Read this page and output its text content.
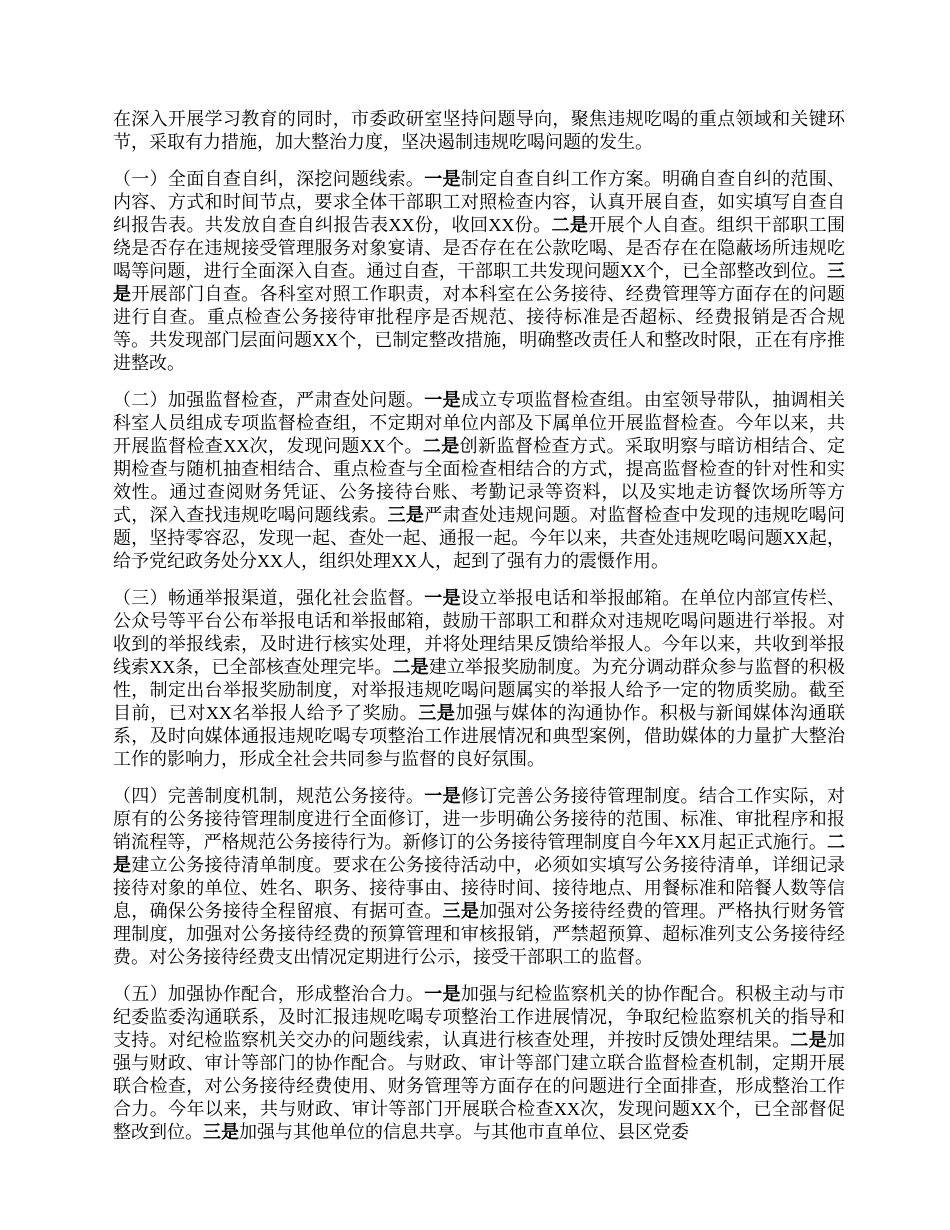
在深入开展学习教育的同时，市委政研室坚持问题导向，聚焦违规吃喝的重点领域和关键环节，采取有力措施，加大整治力度，坚决遏制违规吃喝问题的发生。

（一）全面自查自纠，深挖问题线索。一是制定自查自纠工作方案。明确自查自纠的范围、内容、方式和时间节点，要求全体干部职工对照检查内容，认真开展自查，如实填写自查自纠报告表。共发放自查自纠报告表XX份，收回XX份。二是开展个人自查。组织干部职工围绕是否存在违规接受管理服务对象宴请、是否存在在公款吃喝、是否存在在隐蔽场所违规吃喝等问题，进行全面深入自查。通过自查，干部职工共发现问题XX个，已全部整改到位。三是开展部门自查。各科室对照工作职责，对本科室在公务接待、经费管理等方面存在的问题进行自查。重点检查公务接待审批程序是否规范、接待标准是否超标、经费报销是否合规等。共发现部门层面问题XX个，已制定整改措施，明确整改责任人和整改时限，正在有序推进整改。

（二）加强监督检查，严肃查处问题。一是成立专项监督检查组。由室领导带队，抽调相关科室人员组成专项监督检查组，不定期对单位内部及下属单位开展监督检查。今年以来，共开展监督检查XX次，发现问题XX个。二是创新监督检查方式。采取明察与暗访相结合、定期检查与随机抽查相结合、重点检查与全面检查相结合的方式，提高监督检查的针对性和实效性。通过查阅财务凭证、公务接待台账、考勤记录等资料，以及实地走访餐饮场所等方式，深入查找违规吃喝问题线索。三是严肃查处违规问题。对监督检查中发现的违规吃喝问题，坚持零容忍，发现一起、查处一起、通报一起。今年以来，共查处违规吃喝问题XX起，给予党纪政务处分XX人，组织处理XX人，起到了强有力的震慑作用。

（三）畅通举报渠道，强化社会监督。一是设立举报电话和举报邮箱。在单位内部宣传栏、公众号等平台公布举报电话和举报邮箱，鼓励干部职工和群众对违规吃喝问题进行举报。对收到的举报线索，及时进行核实处理，并将处理结果反馈给举报人。今年以来，共收到举报线索XX条，已全部核查处理完毕。二是建立举报奖励制度。为充分调动群众参与监督的积极性，制定出台举报奖励制度，对举报违规吃喝问题属实的举报人给予一定的物质奖励。截至目前，已对XX名举报人给予了奖励。三是加强与媒体的沟通协作。积极与新闻媒体沟通联系，及时向媒体通报违规吃喝专项整治工作进展情况和典型案例，借助媒体的力量扩大整治工作的影响力，形成全社会共同参与监督的良好氛围。

（四）完善制度机制，规范公务接待。一是修订完善公务接待管理制度。结合工作实际，对原有的公务接待管理制度进行全面修订，进一步明确公务接待的范围、标准、审批程序和报销流程等，严格规范公务接待行为。新修订的公务接待管理制度自今年XX月起正式施行。二是建立公务接待清单制度。要求在公务接待活动中，必须如实填写公务接待清单，详细记录接待对象的单位、姓名、职务、接待事由、接待时间、接待地点、用餐标准和陪餐人数等信息，确保公务接待全程留痕、有据可查。三是加强对公务接待经费的管理。严格执行财务管理制度，加强对公务接待经费的预算管理和审核报销，严禁超预算、超标准列支公务接待经费。对公务接待经费支出情况定期进行公示，接受干部职工的监督。

（五）加强协作配合，形成整治合力。一是加强与纪检监察机关的协作配合。积极主动与市纪委监委沟通联系，及时汇报违规吃喝专项整治工作进展情况，争取纪检监察机关的指导和支持。对纪检监察机关交办的问题线索，认真进行核查处理，并按时反馈处理结果。二是加强与财政、审计等部门的协作配合。与财政、审计等部门建立联合监督检查机制，定期开展联合检查，对公务接待经费使用、财务管理等方面存在的问题进行全面排查，形成整治工作合力。今年以来，共与财政、审计等部门开展联合检查XX次，发现问题XX个，已全部督促整改到位。三是加强与其他单位的信息共享。与其他市直单位、县区党委
